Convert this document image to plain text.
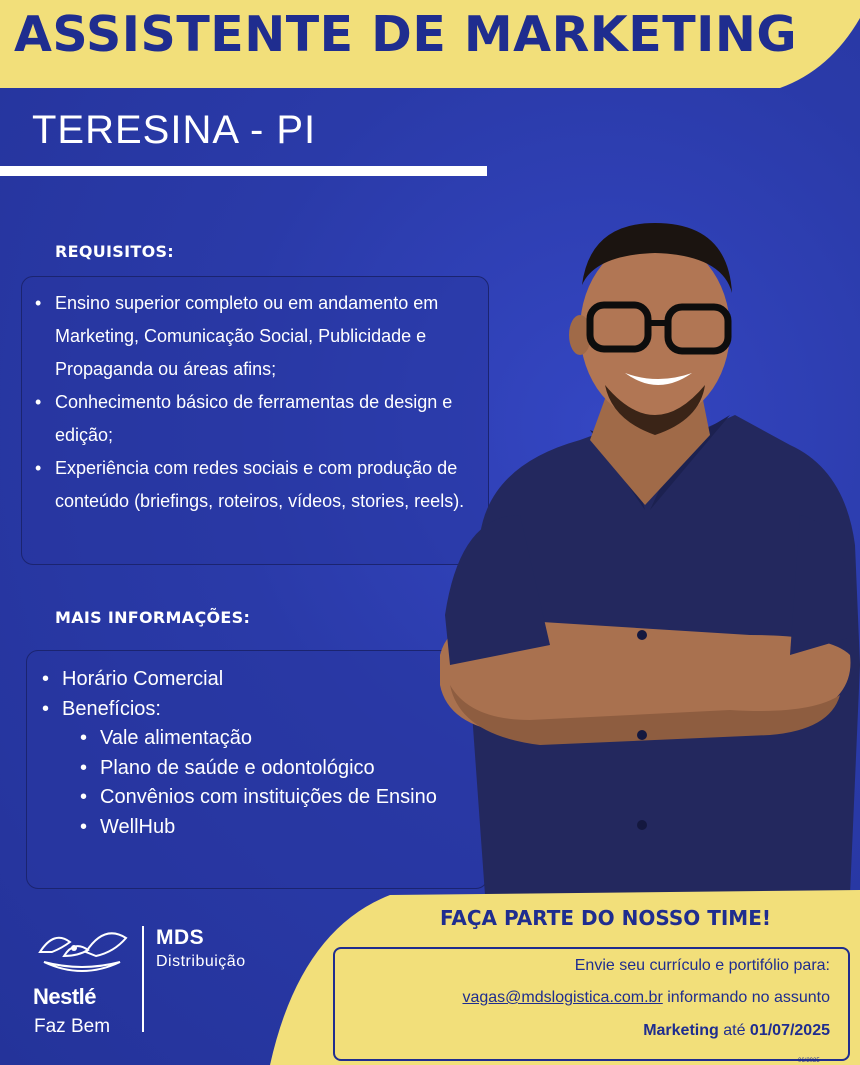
ASSISTENTE DE MARKETING
TERESINA - PI
REQUISITOS:
• Ensino superior completo ou em andamento em Marketing, Comunicação Social, Publicidade e Propaganda ou áreas afins;
• Conhecimento básico de ferramentas de design e edição;
• Experiência com redes sociais e com produção de conteúdo (briefings, roteiros, vídeos, stories, reels).
MAIS INFORMAÇÕES:
• Horário Comercial
• Benefícios:
• Vale alimentação
• Plano de saúde e odontológico
• Convênios com instituições de Ensino
• WellHub
FAÇA PARTE DO NOSSO TIME!
Envie seu currículo e portifólio para:
vagas@mdslogistica.com.br informando no assunto
Marketing até 01/07/2025
Nestlé
Faz Bem
MDS
Distribuição
06/2025
